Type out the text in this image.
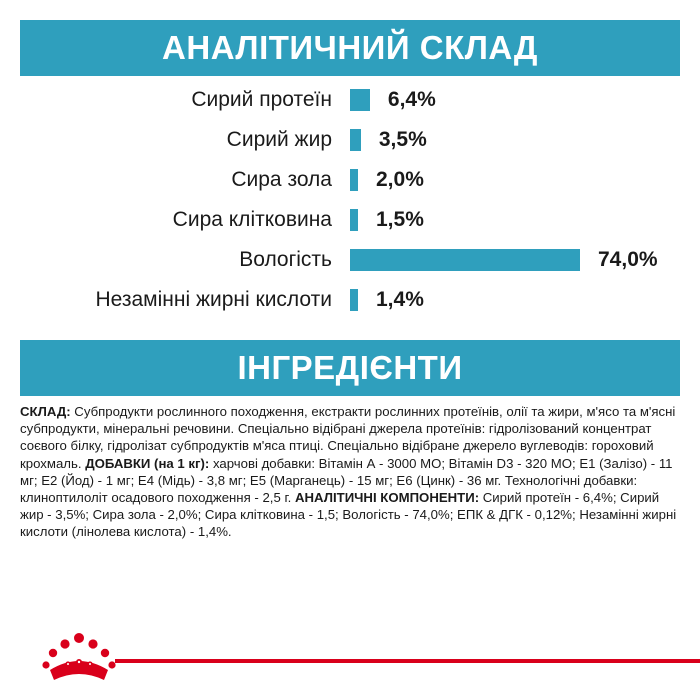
АНАЛІТИЧНИЙ СКЛАД
Сирий протеїн	6,4%
Сирий жир 3,5%
Сира зола 2,0%
Сира клітковина 1,5%
Вологість	74,0%
Незамінні жирні кислоти 1,4%
ІНГРЕДІЄНТИ
СКЛАД: Субпродукти рослинного походження, екстракти рослинних протеїнів, олії та жири, м'ясо та м'ясні субпродукти, мінеральні речовини. Спеціально відібрані джерела протеїнів: гідролізований концентрат соєвого білку, гідролізат субпродуктів м'яса птиці. Спеціально відібране джерело вуглеводів: гороховий крохмаль. ДОБАВКИ (на 1 кг): харчові добавки: Вітамін А - 3000 МО; Вітамін D3 - 320 МО; Е1 (Залізо) - 11 мг; Е2 (Йод) - 1 мг; Е4 (Мідь) - 3,8 мг; Е5 (Марганець) - 15 мг; Е6 (Цинк) - 36 мг. Технологічні добавки: клиноптилоліт осадового походження - 2,5 г. АНАЛІТИЧНІ КОМПОНЕНТИ: Сирий протеїн - 6,4%; Сирий жир - 3,5%; Сира зола - 2,0%; Сира клітковина - 1,5; Вологість - 74,0%; ЕПК & ДГК - 0,12%; Незамінні жирні кислоти (лінолева кислота) - 1,4%.
